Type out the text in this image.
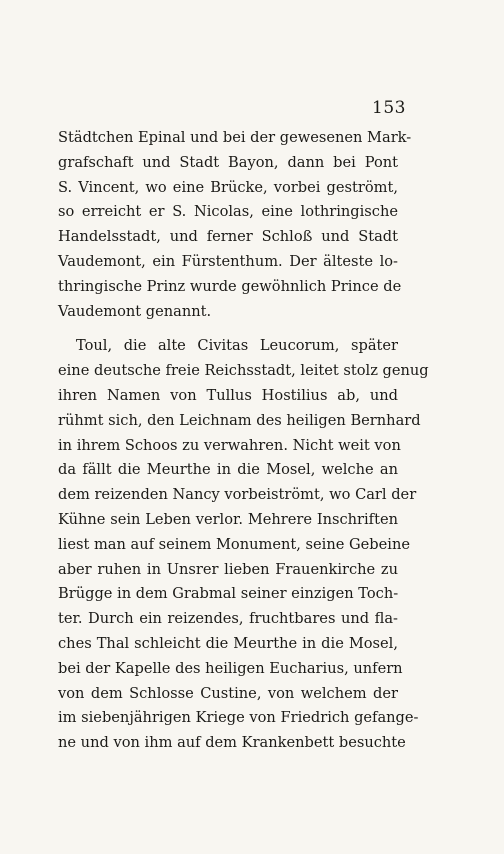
153
Städtchen Epinal und bei der gewesenen Mark-
grafschaft und Stadt Bayon, dann bei Pont
S. Vincent, wo eine Brücke, vorbei geströmt,
so erreicht er S. Nicolas, eine lothringische
Handelsstadt, und ferner Schloß und Stadt
Vaudemont, ein Fürstenthum. Der älteste lo-
thringische Prinz wurde gewöhnlich Prince de
Vaudemont genannt.
Toul, die alte Civitas Leucorum, später
eine deutsche freie Reichsstadt, leitet stolz genug
ihren Namen von Tullus Hostilius ab, und
rühmt sich, den Leichnam des heiligen Bernhard
in ihrem Schoos zu verwahren. Nicht weit von
da fällt die Meurthe in die Mosel, welche an
dem reizenden Nancy vorbeiströmt, wo Carl der
Kühne sein Leben verlor. Mehrere Inschriften
liest man auf seinem Monument, seine Gebeine
aber ruhen in Unsrer lieben Frauenkirche zu
Brügge in dem Grabmal seiner einzigen Toch-
ter. Durch ein reizendes, fruchtbares und fla-
ches Thal schleicht die Meurthe in die Mosel,
bei der Kapelle des heiligen Eucharius, unfern
von dem Schlosse Custine, von welchem der
im siebenjährigen Kriege von Friedrich gefange-
ne und von ihm auf dem Krankenbett besuchte
